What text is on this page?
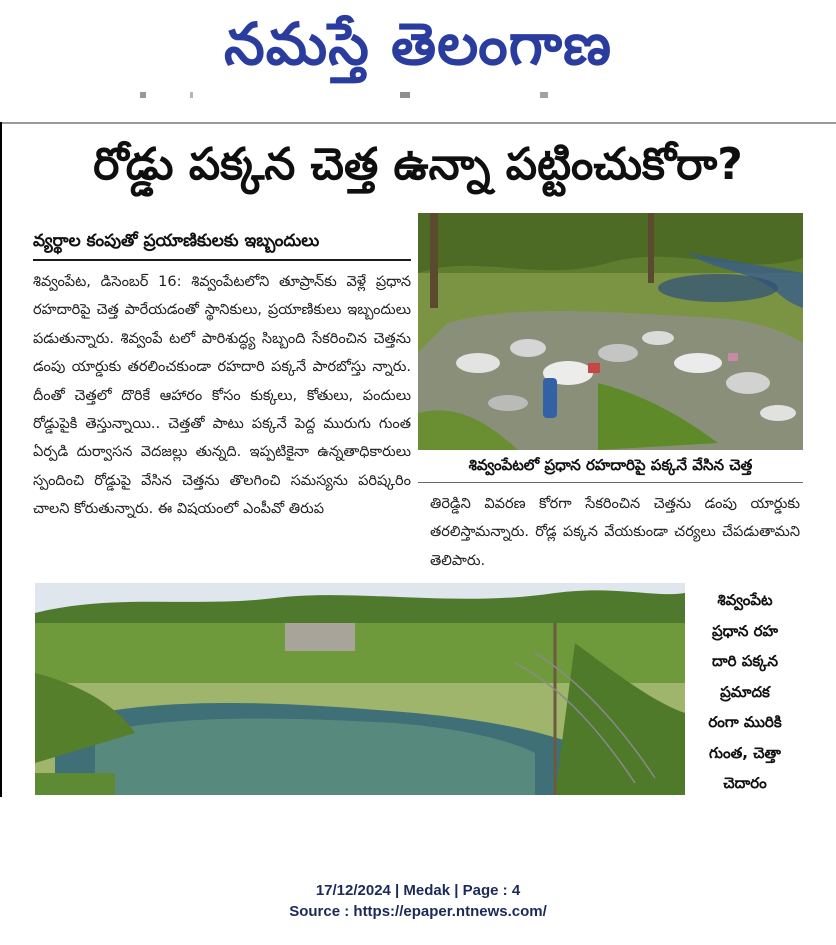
నమస్తే తెలంగాణ
రోడ్డు పక్కన చెత్త ఉన్నా పట్టించుకోరా?
వ్యర్థాల కంపుతో ప్రయాణికులకు ఇబ్బందులు

శివ్వంపేట, డిసెంబర్ 16: శివ్వంపేటలోని తూప్రాన్‌కు వెళ్లే ప్రధాన రహదారిపై చెత్త పారేయడంతో స్థానికులు, ప్రయాణికులు ఇబ్బందులు పడుతున్నారు. శివ్వంపే టలో పారిశుద్ధ్య సిబ్బంది సేకరించిన చెత్తను డంపు యార్డుకు తరలించకుండా రహదారి పక్కనే పారబోస్తు న్నారు. దీంతో చెత్తలో దొరికే ఆహారం కోసం కుక్కలు, కోతులు, పందులు రోడ్డుపైకి తెస్తున్నాయి.. చెత్తతో పాటు పక్కనే పెద్ద మురుగు గుంత ఏర్పడి దుర్వాసన వెదజల్లు తున్నది. ఇప్పటికైనా ఉన్నతాధికారులు స్పందించి రోడ్డుపై వేసిన చెత్తను తొలగించి సమస్యను పరిష్కరిం చాలని కోరుతున్నారు. ఈ విషయంలో ఎంపీవో తిరుప

శివ్వంపేటలో ప్రధాన రహదారిపై పక్కనే వేసిన చెత్త
తిరెడ్డిని వివరణ కోరగా సేకరించిన చెత్తను డంపు యార్డుకు తరలిస్తామన్నారు. రోడ్ల పక్కన వేయకుండా చర్యలు చేపడుతామని తెలిపారు.
శివ్వంపేట
ప్రధాన రహ
దారి పక్కన
ప్రమాదక
రంగా మురికి
గుంత, చెత్తా
చెదారం
17/12/2024 | Medak | Page : 4
Source : https://epaper.ntnews.com/
